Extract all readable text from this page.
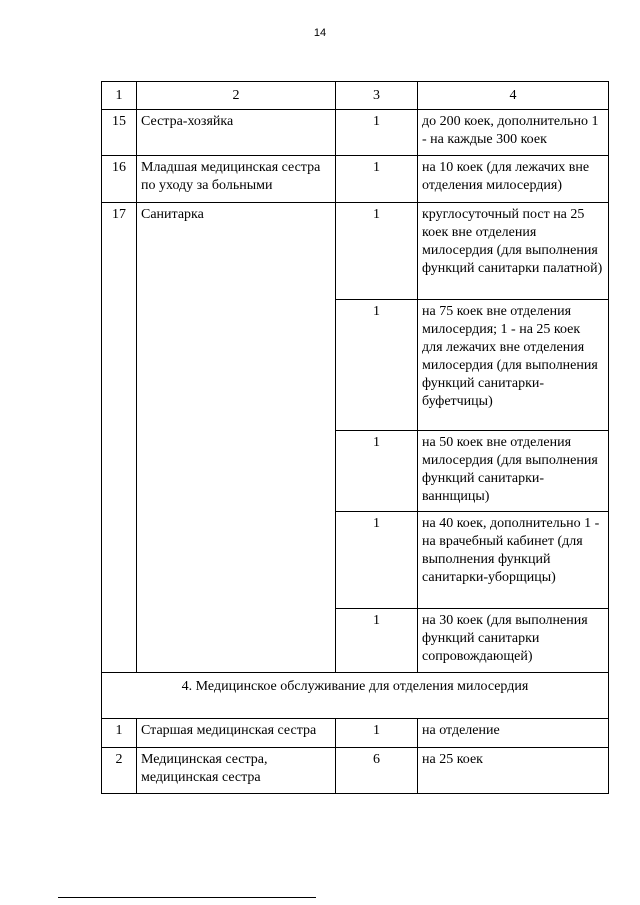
14
1	2	3	4
15	Сестра-хозяйка	1	до 200 коек, дополнительно 1 - на каждые 300 коек
16	Младшая медицинская сестра по уходу за больными	1	на 10 коек (для лежачих вне отделения милосердия)
17	Санитарка	1	круглосуточный пост на 25 коек вне отделения милосердия (для выполнения функций санитарки палатной)
		1	на 75 коек вне отделения милосердия; 1 - на 25 коек для лежачих вне отделения милосердия (для выполнения функций санитарки-буфетчицы)
		1	на 50 коек вне отделения милосердия (для выполнения функций санитарки-ваннщицы)
		1	на 40 коек, дополнительно 1 - на врачебный кабинет (для выполнения функций санитарки-уборщицы)
		1	на 30 коек (для выполнения функций санитарки сопровождающей)
4. Медицинское обслуживание для отделения милосердия			
1	Старшая медицинская сестра	1	на отделение
2	Медицинская сестра, медицинская сестра	6	на 25 коек
